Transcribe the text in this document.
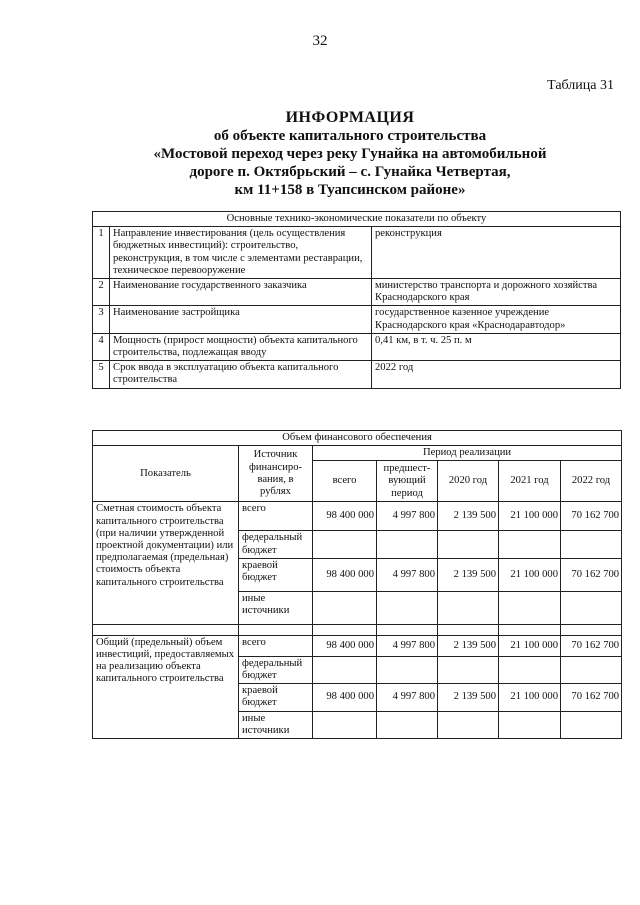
32
Таблица 31
ИНФОРМАЦИЯ
об объекте капитального строительства
«Мостовой переход через реку Гунайка на автомобильной
дороге п. Октябрьский – с. Гунайка Четвертая,
км 11+158 в Туапсинском районе»
Основные технико-экономические показатели по объекту		
1	Направление инвестирования (цель осуществления бюджетных инвестиций): строительство, реконструкция, в том числе с элементами реставрации, техническое перевооружение	реконструкция
2	Наименование государственного заказчика	министерство транспорта и дорожного хозяйства Краснодарского края
3	Наименование застройщика	государственное казенное учреждение Краснодарского края «Краснодаравтодор»
4	Мощность (прирост мощности) объекта капитального строительства, подлежащая вводу	0,41 км, в т. ч. 25 п. м
5	Срок ввода в эксплуатацию объекта капитального строительства	2022 год
Объем финансового обеспечения						
Показатель	Источник финансиро-вания, в рублях	Период реализации				
		всего	предшест-вующий период	2020 год	2021 год	2022 год
Сметная стоимость объекта капитального строительства (при наличии утвержденной проектной документации) или предполагаемая (предельная) стоимость объекта капитального строительства	всего	98 400 000	4 997 800	2 139 500	21 100 000	70 162 700
	федеральный бюджет					
	краевой бюджет	98 400 000	4 997 800	2 139 500	21 100 000	70 162 700
	иные источники					

Общий (предельный) объем инвестиций, предоставляемых на реализацию объекта капитального строительства	всего	98 400 000	4 997 800	2 139 500	21 100 000	70 162 700
	федеральный бюджет					
	краевой бюджет	98 400 000	4 997 800	2 139 500	21 100 000	70 162 700
	иные источники					
